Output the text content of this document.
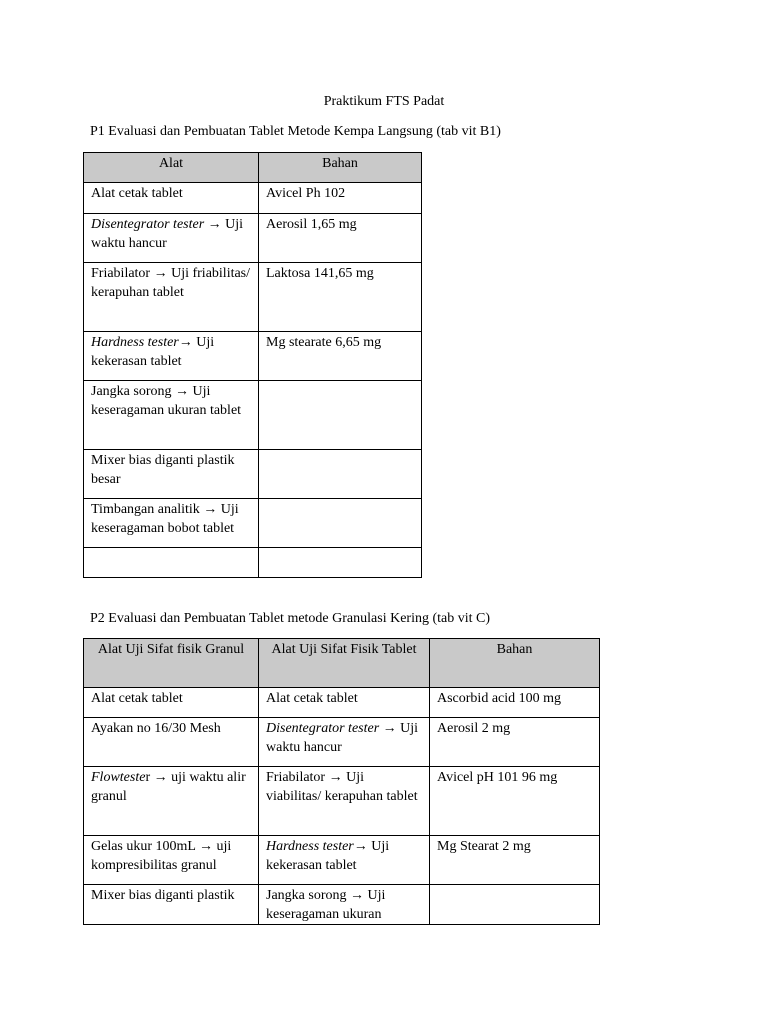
Praktikum FTS Padat
P1 Evaluasi dan Pembuatan Tablet Metode Kempa Langsung (tab vit B1)
Alat	Bahan
Alat cetak tablet	Avicel Ph 102
Disentegrator tester → Uji waktu hancur	Aerosil 1,65 mg
Friabilator → Uji friabilitas/ kerapuhan tablet	Laktosa 141,65 mg
Hardness tester→ Uji kekerasan tablet	Mg stearate 6,65 mg
Jangka sorong → Uji keseragaman ukuran tablet	
Mixer bias diganti plastik besar	
Timbangan analitik → Uji keseragaman bobot tablet	

P2 Evaluasi dan Pembuatan Tablet metode Granulasi Kering (tab vit C)
Alat Uji Sifat fisik Granul	Alat Uji Sifat Fisik Tablet	Bahan
Alat cetak tablet	Alat cetak tablet	Ascorbid acid 100 mg
Ayakan no 16/30 Mesh	Disentegrator tester → Uji waktu hancur	Aerosil 2 mg
Flowtester → uji waktu alir granul	Friabilator → Uji viabilitas/ kerapuhan tablet	Avicel pH 101 96 mg
Gelas ukur 100mL → uji kompresibilitas granul	Hardness tester→ Uji kekerasan tablet	Mg Stearat 2 mg
Mixer bias diganti plastik	Jangka sorong → Uji keseragaman ukuran	
